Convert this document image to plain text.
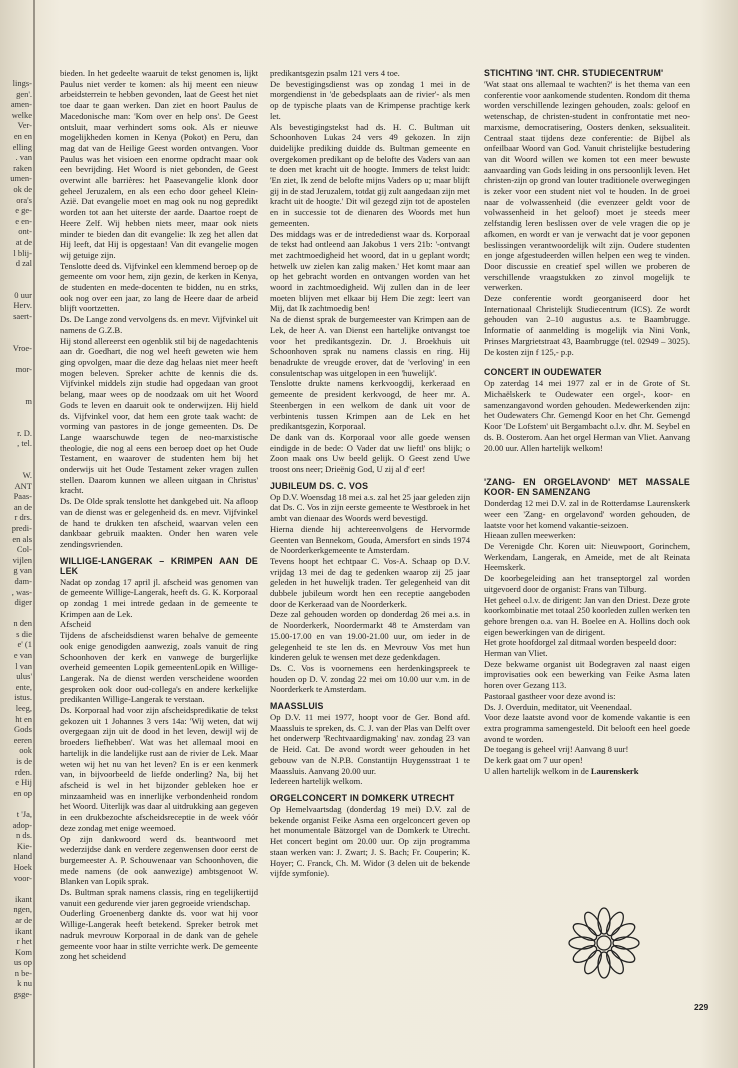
lings-
gen'.
amen-
welke
Ver-
en en
elling
. van
raken
umen-
ok de
ora's
e ge-
e en-
ont-
at de
l blij-
d zal

0 uur
Herv.
saert-

Vroe-

mor-

m

r. D.
, tel.

W.
ANT
Paas-
an de
r drs.
predi-
en als
Col-
vijlen
g van
dam-
, was-
diger

n den
s die
e' (1
e van
l van
ulus'
ente,
istus.
leeg,
ht en
Gods
eeren
ook
is de
rden.
e Hij
en op

t 'Ja,
adop-
n ds.
Kie-
nland
Hoek
voor-

ikant
ngen,
ar de
ikant
r het
Kom
us op
n be-
k nu
gsge-

bieden. In het gedeelte waaruit de tekst genomen is, lijkt Paulus niet verder te komen: als hij meent een nieuw arbeidsterrein te hebben gevonden, laat de Geest het niet toe daar te gaan werken. Dan ziet en hoort Paulus de Macedonische man: 'Kom over en help ons'. De Geest ontsluit, maar verhindert soms ook. Als er nieuwe mogelijkheden komen in Kenya (Pokot) en Peru, dan mag dat van de Heilige Geest worden ontvangen. Voor Paulus was het visioen een enorme opdracht maar ook een bevrijding. Het Woord is niet gebonden, de Geest overwint alle barrières: het Paasevangelie klonk door geheel Jeruzalem, en als een echo door geheel Klein-Azië. Dat evangelie moet en mag ook nu nog gepredikt worden tot aan het uiterste der aarde. Daartoe roept de Heere Zelf. Wij hebben niets meer, maar ook niets minder te bieden dan dit evangelie: Ik zeg het allen dat Hij leeft, dat Hij is opgestaan! Van dit evangelie mogen wij getuige zijn.

Tenslotte deed ds. Vijfvinkel een klemmend beroep op de gemeente om voor hem, zijn gezin, de kerken in Kenya, de studenten en mede-docenten te bidden, nu en strks, ook nog over een jaar, zo lang de Heere daar de arbeid blijft voortzetten.

Ds. De Lange zond vervolgens ds. en mevr. Vijfvinkel uit namens de G.Z.B.

Hij stond allereerst een ogenblik stil bij de nagedachtenis aan dr. Goedhart, die nog wel heeft geweten wie hem ging opvolgen, maar die deze dag helaas niet meer heeft mogen beleven. Spreker achtte de kennis die ds. Vijfvinkel middels zijn studie had opgedaan van groot belang, maar wees op de noodzaak om uit het Woord Gods te leven en daaruit ook te onderwijzen. Hij hield ds. Vijfvinkel voor, dat hem een grote taak wacht: de vorming van pastores in de jonge gemeenten. Ds. De Lange waarschuwde tegen de neo-marxistische theologie, die nog al eens een beroep doet op het Oude Testament, en waarover de studenten hem bij het onderwijs uit het Oude Testament zeker vragen zullen stellen. Daarom kunnen we alleen uitgaan in Christus' kracht.

Ds. De Olde sprak tenslotte het dankgebed uit. Na afloop van de dienst was er gelegenheid ds. en mevr. Vijfvinkel de hand te drukken ten afscheid, waarvan velen een dankbaar gebruik maakten. Onder hen waren vele zendingsvrienden.

WILLIGE-LANGERAK – KRIMPEN AAN DE LEK

Nadat op zondag 17 april jl. afscheid was genomen van de gemeente Willige-Langerak, heeft ds. G. K. Korporaal op zondag 1 mei intrede gedaan in de gemeente te Krimpen aan de Lek.

Afscheid

Tijdens de afscheidsdienst waren behalve de gemeente ook enige genodigden aanwezig, zoals vanuit de ring Schoonhoven der kerk en vanwege de burgerlijke overheid gemeenten Lopik gemeentenLopik en Willige-Langerak. Na de dienst werden verscheidene woorden gesproken ook door oud-collega's en andere kerkelijke predikanten Willige-Langerak te verstaan.

Ds. Korporaal had voor zijn afscheidspredikatie de tekst gekozen uit 1 Johannes 3 vers 14a: 'Wij weten, dat wij overgegaan zijn uit de dood in het leven, dewijl wij de broeders liefhebben'. Wat was het allemaal mooi en hartelijk in die landelijke rust aan de rivier de Lek. Maar weten wij het nu van het leven? En is er een kenmerk van, in bijvoorbeeld de liefde onderling? Na, bij het afscheid is wel in het bijzonder gebleken hoe er minzaamheid was en innerlijke verbondenheid rondom het Woord. Uiterlijk was daar al uitdrukking aan gegeven in een drukbezochte afscheidsreceptie in de week vóór deze zondag met enige weemoed.

Op zijn dankwoord werd ds. beantwoord met wederzijdse dank en verdere zegenwensen door eerst de burgemeester A. P. Schouwenaar van Schoonhoven, die mede namens (de ook aanwezige) ambtsgenoot W. Blanken van Lopik sprak.

Ds. Bultman sprak namens classis, ring en tegelijkertijd vanuit een gedurende vier jaren gegroeide vriendschap.

Ouderling Groenenberg dankte ds. voor wat hij voor Willige-Langerak heeft betekend. Spreker betrok met nadruk mevrouw Korporaal in de dank van de gehele gemeente voor haar in stilte verrichte werk. De gemeente zong het scheidend

predikantsgezin psalm 121 vers 4 toe.

De bevestigingsdienst was op zondag 1 mei in de morgendienst in 'de gebedsplaats aan de rivier'- als men op de typische plaats van de Krimpense prachtige kerk let.

Als bevestigingstekst had ds. H. C. Bultman uit Schoonhoven Lukas 24 vers 49 gekozen. In zijn duidelijke prediking duidde ds. Bultman gemeente en overgekomen predikant op de belofte des Vaders van aan te doen met kracht uit de hoogte. Immers de tekst luidt: 'En ziet, Ik zend de belofte mijns Vaders op u; maar blijft gij in de stad Jeruzalem, totdat gij zult aangedaan zijn met kracht uit de hoogte.' Dit wil gezegd zijn tot de apostelen en in successie tot de dienaren des Woords met hun gemeenten.

Des middags was er de intrededienst waar ds. Korporaal de tekst had ontleend aan Jakobus 1 vers 21b: '-ontvangt met zachtmoedigheid het woord, dat in u geplant wordt; hetwelk uw zielen kan zalig maken.' Het komt maar aan op het gebracht worden en ontvangen worden van het woord in zachtmoedigheid. Wij zullen dan in de leer moeten blijven met elkaar bij Hem Die zegt: leert van Mij, dat Ik zachtmoedig ben!

Na de dienst sprak de burgemeester van Krimpen aan de Lek, de heer A. van Dienst een hartelijke ontvangst toe voor het predikantsgezin. Dr. J. Broekhuis uit Schoonhoven sprak nu namens classis en ring. Hij benadrukte de vreugde erover, dat de 'verloving' in een consulentschap was uitgelopen in een 'huwelijk'.

Tenslotte drukte namens kerkvoogdij, kerkeraad en gemeente de president kerkvoogd, de heer mr. A. Steenbergen in een welkom de dank uit voor de verbintenis tussen Krimpen aan de Lek en het predikantsgezin, Korporaal.

De dank van ds. Korporaal voor alle goede wensen eindigde in de bede: O Vader dat uw lieftl' ons blijk; o Zoon maak ons Uw beeld gelijk. O Geest zend Uwe troost ons neer; Drieënig God, U zij al d' eer!

JUBILEUM DS. C. VOS

Op D.V. Woensdag 18 mei a.s. zal het 25 jaar geleden zijn dat Ds. C. Vos in zijn eerste gemeente te Westbroek in het ambt van dienaar des Woords werd bevestigd.

Hierna diende hij achtereenvolgens de Hervormde Geenten van Bennekom, Gouda, Amersfort en sinds 1974 de Noorderkerkgemeente te Amsterdam.

Tevens hoopt het echtpaar C. Vos-A. Schaap op D.V. vrijdag 13 mei de dag te gedenken waarop zij 25 jaar geleden in het huwelijk traden. Ter gelegenheid van dit dubbele jubileum wordt hen een receptie aangeboden door de Kerkeraad van de Noorderkerk.

Deze zal gehouden worden op donderdag 26 mei a.s. in de Noorderkerk, Noordermarkt 48 te Amsterdam van 15.00-17.00 en van 19.00-21.00 uur, om ieder in de gelegenheid te ste len ds. en Mevrouw Vos met hun kinderen geluk te wensen met deze gedenkdagen.

Ds. C. Vos is voornemens een herdenkingspreek te houden op D. V. zondag 22 mei om 10.00 uur v.m. in de Noorderkerk te Amsterdam.

MAASSLUIS

Op D.V. 11 mei 1977, hoopt voor de Ger. Bond afd. Maassluis te spreken, ds. C. J. van der Plas van Delft over het onderwerp 'Rechtvaardigmaking' nav. zondag 23 van de Heid. Cat. De avond wordt weer gehouden in het gebouw van de N.P.B. Constantijn Huygensstraat 1 te Maassluis. Aanvang 20.00 uur.

Iedereen hartelijk welkom.

ORGELCONCERT IN DOMKERK UTRECHT

Op Hemelvaartsdag (donderdag 19 mei) D.V. zal de bekende organist Feike Asma een orgelconcert geven op het monumentale Bätzorgel van de Domkerk te Utrecht. Het concert begint om 20.00 uur. Op zijn programma staan werken van: J. Zwart; J. S. Bach; Fr. Couperin; K. Hoyer; C. Franck, Ch. M. Widor (3 delen uit de bekende vijfde symfonie).

STICHTING 'INT. CHR. STUDIECENTRUM'

'Wat staat ons allemaal te wachten?' is het thema van een conferentie voor aankomende studenten. Rondom dit thema worden verschillende lezingen gehouden, zoals: geloof en wetenschap, de christen-student in confrontatie met neo-marxisme, democratisering, Oosters denken, seksualiteit. Centraal staat tijdens deze conferentie: de Bijbel als onfeilbaar Woord van God. Vanuit christelijke bestudering van dit Woord willen we komen tot een meer bewuste aanvaarding van Gods leiding in ons persoonlijk leven. Het christen-zijn op grond van louter traditionele overwegingen is zeker voor een student niet vol te houden. In de groei naar de volwassenheid (die evenzeer geldt voor de volwassenheid in het geloof) moet je steeds meer zelfstandig leren beslissen over de vele vragen die op je afkomen, en wordt er van je verwacht dat je voor geponen beslissingen verantwoordelijk wilt zijn. Oudere studenten en jonge afgestudeerden willen helpen een weg te vinden. Door discussie en creatief spel willen we proberen de verschillende vraagstukken zo zinvol mogelijk te verwerken.

Deze conferentie wordt georganiseerd door het Internationaal Christelijk Studiecentrum (ICS). Ze wordt gehouden van 2–10 augustus a.s. te Baambrugge. Informatie of aanmelding is mogelijk via Nini Vonk, Prinses Margrietstraat 43, Baambrugge (tel. 02949 – 3025). De kosten zijn f 125,- p.p.

CONCERT IN OUDEWATER

Op zaterdag 14 mei 1977 zal er in de Grote of St. Michaëlskerk te Oudewater een orgel-, koor- en samenzangavond worden gehouden. Medewerkenden zijn: het Oudewaters Chr. Gemengd Koor en het Chr. Gemengd Koor 'De Lofstem' uit Bergambacht o.l.v. dhr. M. Seybel en ds. B. Oosterom. Aan het orgel Herman van Vliet. Aanvang 20.00 uur. Allen hartelijk welkom!

'ZANG- EN ORGELAVOND' MET MASSALE KOOR- EN SAMENZANG

Donderdag 12 mei D.V. zal in de Rotterdamse Laurenskerk weer een 'Zang- en orgelavond' worden gehouden, de laatste voor het komend vakantie-seizoen.

Hieaan zullen meewerken:

De Verenigde Chr. Koren uit: Nieuwpoort, Gorinchem, Werkendam, Langerak, en Ameide, met de alt Reinata Heemskerk.

De koorbegeleiding aan het transeptorgel zal worden uitgevoerd door de organist: Frans van Tilburg.

Het geheel o.l.v. de dirigent: Jan van den Driest. Deze grote koorkombinatie met totaal 250 koorleden zullen werken ten gehore brengen o.a. van H. Boelee en A. Hollins doch ook eigen bewerkingen van de dirigent.

Het grote hoofdorgel zal ditmaal worden bespeeld door:

Herman van Vliet.

Deze bekwame organist uit Bodegraven zal naast eigen improvisaties ook een bewerking van Feike Asma laten horen over Gezang 113.

Pastoraal gastheer voor deze avond is:

Ds. J. Overduin, meditator, uit Veenendaal.

Voor deze laatste avond voor de komende vakantie is een extra programma samengesteld. Dit belooft een heel goede avond te worden.

De toegang is geheel vrij! Aanvang 8 uur!

De kerk gaat om 7 uur open!

U allen hartelijk welkom in de Laurenskerk

229
